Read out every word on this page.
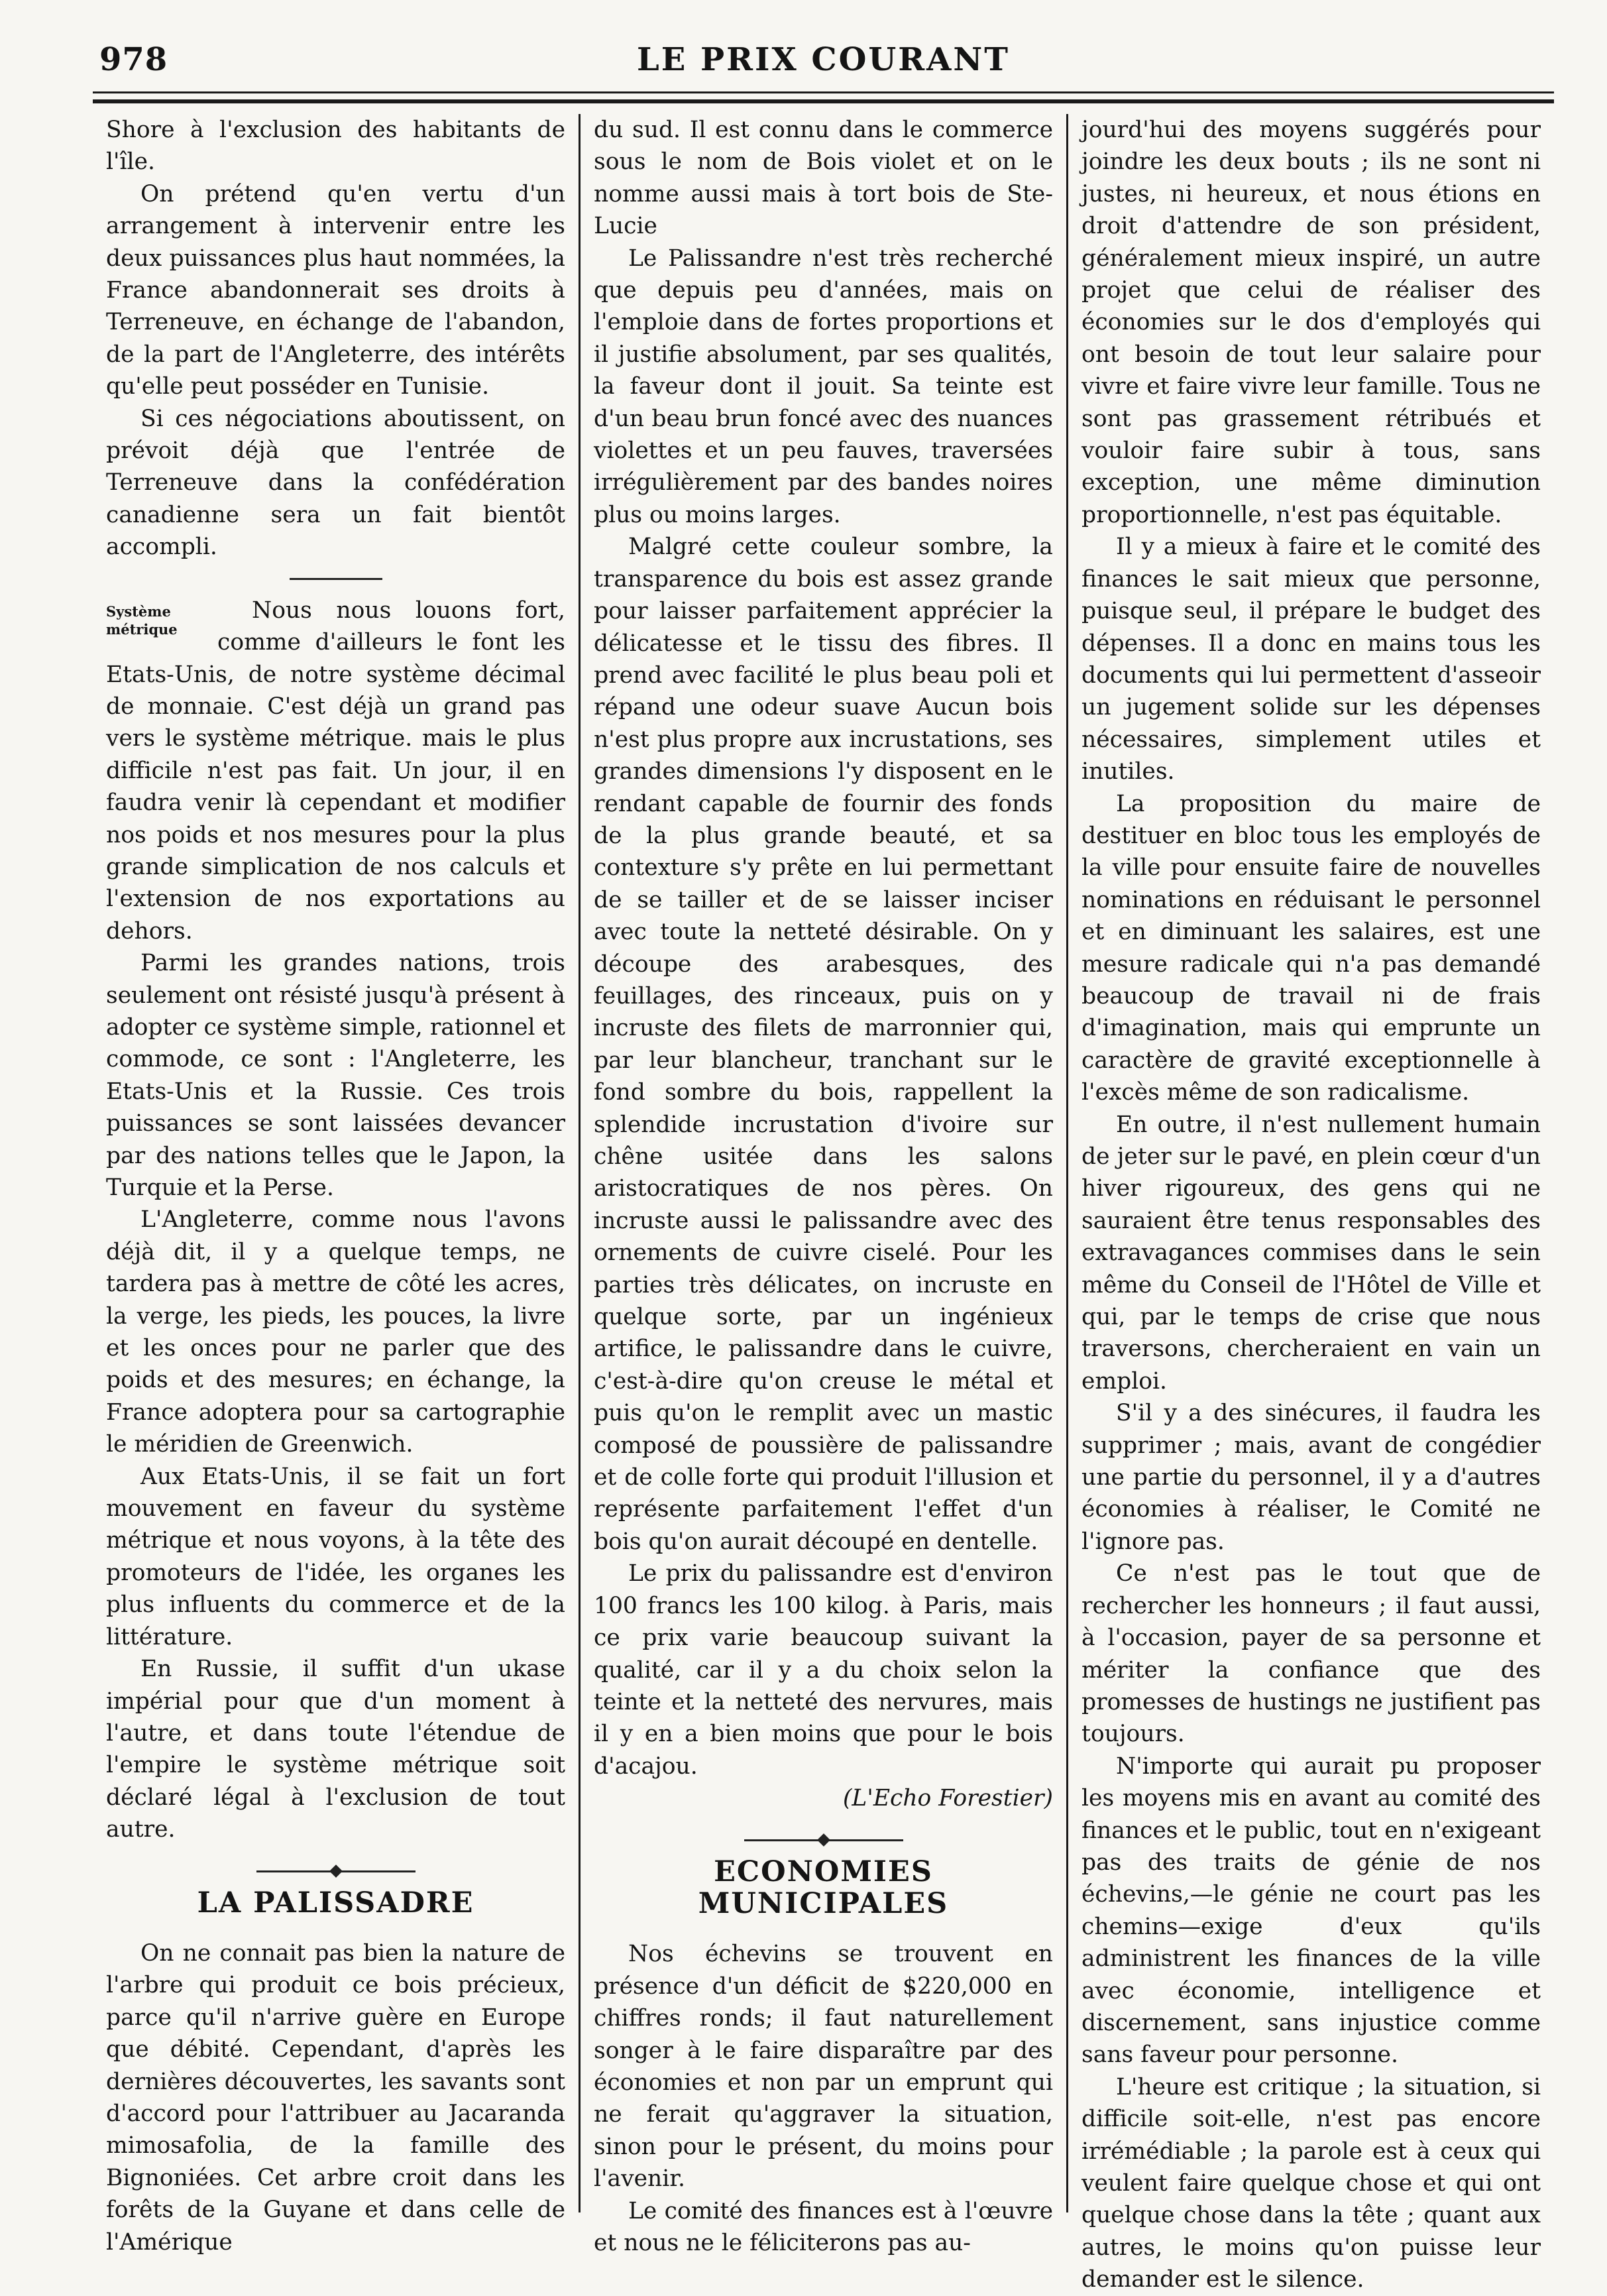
978	LE PRIX COURANT

Shore à l'exclusion des habitants de l'île.

On prétend qu'en vertu d'un arrangement à intervenir entre les deux puissances plus haut nommées, la France abandonnerait ses droits à Terreneuve, en échange de l'abandon, de la part de l'Angleterre, des intérêts qu'elle peut posséder en Tunisie.

Si ces négociations aboutissent, on prévoit déjà que l'entrée de Terreneuve dans la confédération canadienne sera un fait bientôt accompli.

Système métrique

Nous nous louons fort, comme d'ailleurs le font les Etats-Unis, de notre système décimal de monnaie. C'est déjà un grand pas vers le système métrique. mais le plus difficile n'est pas fait. Un jour, il en faudra venir là cependant et modifier nos poids et nos mesures pour la plus grande simplication de nos calculs et l'extension de nos exportations au dehors.

Parmi les grandes nations, trois seulement ont résisté jusqu'à présent à adopter ce système simple, rationnel et commode, ce sont : l'Angleterre, les Etats-Unis et la Russie. Ces trois puissances se sont laissées devancer par des nations telles que le Japon, la Turquie et la Perse.

L'Angleterre, comme nous l'avons déjà dit, il y a quelque temps, ne tardera pas à mettre de côté les acres, la verge, les pieds, les pouces, la livre et les onces pour ne parler que des poids et des mesures; en échange, la France adoptera pour sa cartographie le méridien de Greenwich.

Aux Etats-Unis, il se fait un fort mouvement en faveur du système métrique et nous voyons, à la tête des promoteurs de l'idée, les organes les plus influents du commerce et de la littérature.

En Russie, il suffit d'un ukase impérial pour que d'un moment à l'autre, et dans toute l'étendue de l'empire le système métrique soit déclaré légal à l'exclusion de tout autre.

LA PALISSADRE

On ne connait pas bien la nature de l'arbre qui produit ce bois précieux, parce qu'il n'arrive guère en Europe que débité. Cependant, d'après les dernières découvertes, les savants sont d'accord pour l'attribuer au Jacaranda mimosafolia, de la famille des Bignoniées. Cet arbre croit dans les forêts de la Guyane et dans celle de l'Amérique

du sud. Il est connu dans le commerce sous le nom de Bois violet et on le nomme aussi mais à tort bois de Ste-Lucie

Le Palissandre n'est très recherché que depuis peu d'années, mais on l'emploie dans de fortes proportions et il justifie absolument, par ses qualités, la faveur dont il jouit. Sa teinte est d'un beau brun foncé avec des nuances violettes et un peu fauves, traversées irrégulièrement par des bandes noires plus ou moins larges.

Malgré cette couleur sombre, la transparence du bois est assez grande pour laisser parfaitement apprécier la délicatesse et le tissu des fibres. Il prend avec facilité le plus beau poli et répand une odeur suave Aucun bois n'est plus propre aux incrustations, ses grandes dimensions l'y disposent en le rendant capable de fournir des fonds de la plus grande beauté, et sa contexture s'y prête en lui permettant de se tailler et de se laisser inciser avec toute la netteté désirable. On y découpe des arabesques, des feuillages, des rinceaux, puis on y incruste des filets de marronnier qui, par leur blancheur, tranchant sur le fond sombre du bois, rappellent la splendide incrustation d'ivoire sur chêne usitée dans les salons aristocratiques de nos pères. On incruste aussi le palissandre avec des ornements de cuivre ciselé. Pour les parties très délicates, on incruste en quelque sorte, par un ingénieux artifice, le palissandre dans le cuivre, c'est-à-dire qu'on creuse le métal et puis qu'on le remplit avec un mastic composé de poussière de palissandre et de colle forte qui produit l'illusion et représente parfaitement l'effet d'un bois qu'on aurait découpé en dentelle.

Le prix du palissandre est d'environ 100 francs les 100 kilog. à Paris, mais ce prix varie beaucoup suivant la qualité, car il y a du choix selon la teinte et la netteté des nervures, mais il y en a bien moins que pour le bois d'acajou.

(L'Echo Forestier)

ECONOMIES MUNICIPALES

Nos échevins se trouvent en présence d'un déficit de $220,000 en chiffres ronds; il faut naturellement songer à le faire disparaître par des économies et non par un emprunt qui ne ferait qu'aggraver la situation, sinon pour le présent, du moins pour l'avenir.

Le comité des finances est à l'œuvre et nous ne le féliciterons pas au-

jourd'hui des moyens suggérés pour joindre les deux bouts ; ils ne sont ni justes, ni heureux, et nous étions en droit d'attendre de son président, généralement mieux inspiré, un autre projet que celui de réaliser des économies sur le dos d'employés qui ont besoin de tout leur salaire pour vivre et faire vivre leur famille. Tous ne sont pas grassement rétribués et vouloir faire subir à tous, sans exception, une même diminution proportionnelle, n'est pas équitable.

Il y a mieux à faire et le comité des finances le sait mieux que personne, puisque seul, il prépare le budget des dépenses. Il a donc en mains tous les documents qui lui permettent d'asseoir un jugement solide sur les dépenses nécessaires, simplement utiles et inutiles.

La proposition du maire de destituer en bloc tous les employés de la ville pour ensuite faire de nouvelles nominations en réduisant le personnel et en diminuant les salaires, est une mesure radicale qui n'a pas demandé beaucoup de travail ni de frais d'imagination, mais qui emprunte un caractère de gravité exceptionnelle à l'excès même de son radicalisme.

En outre, il n'est nullement humain de jeter sur le pavé, en plein cœur d'un hiver rigoureux, des gens qui ne sauraient être tenus responsables des extravagances commises dans le sein même du Conseil de l'Hôtel de Ville et qui, par le temps de crise que nous traversons, chercheraient en vain un emploi.

S'il y a des sinécures, il faudra les supprimer ; mais, avant de congédier une partie du personnel, il y a d'autres économies à réaliser, le Comité ne l'ignore pas.

Ce n'est pas le tout que de rechercher les honneurs ; il faut aussi, à l'occasion, payer de sa personne et mériter la confiance que des promesses de hustings ne justifient pas toujours.

N'importe qui aurait pu proposer les moyens mis en avant au comité des finances et le public, tout en n'exigeant pas des traits de génie de nos échevins,—le génie ne court pas les chemins—exige d'eux qu'ils administrent les finances de la ville avec économie, intelligence et discernement, sans injustice comme sans faveur pour personne.

L'heure est critique ; la situation, si difficile soit-elle, n'est pas encore irrémédiable ; la parole est à ceux qui veulent faire quelque chose et qui ont quelque chose dans la tête ; quant aux autres, le moins qu'on puisse leur demander est le silence.
